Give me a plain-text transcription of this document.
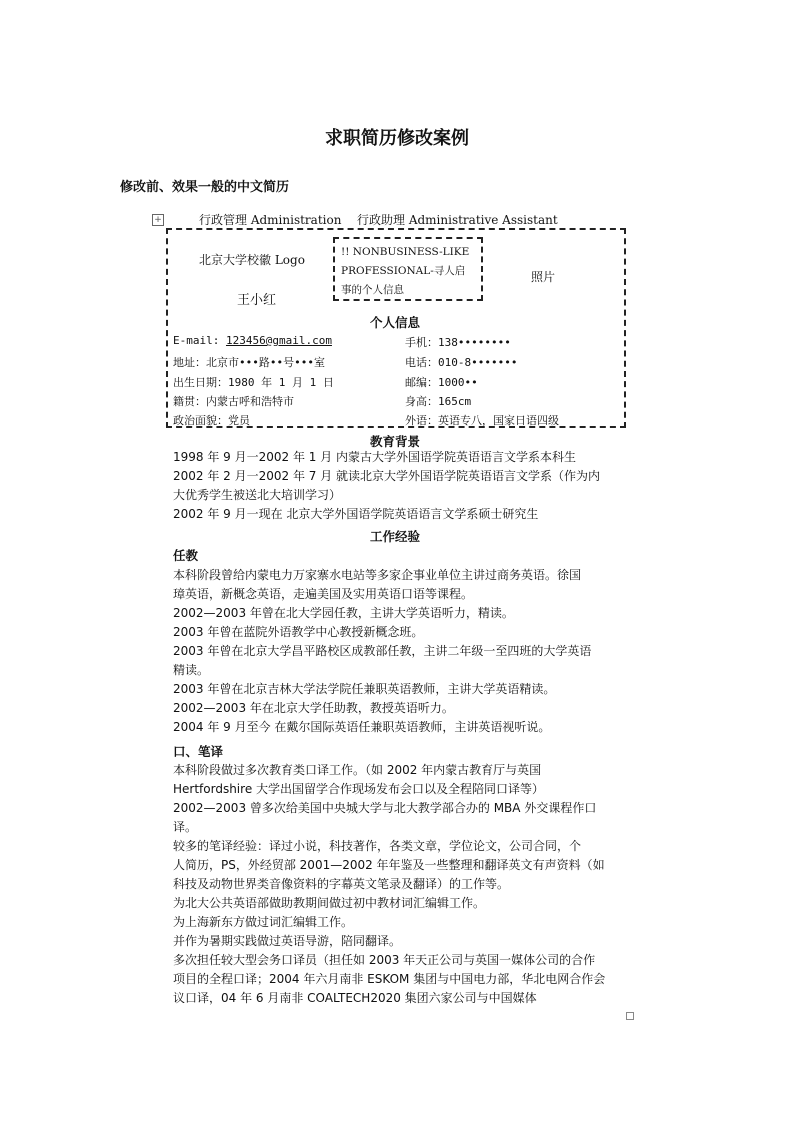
求职简历修改案例
修改前、效果一般的中文简历
+	行政管理 Administration 行政助理 Administrative Assistant
!! NONBUSINESS-LIKE PROFESSIONAL-寻人启事的个人信息
北京大学校徽 Logo
王小红
照片
个人信息
E-mail: 123456@gmail.com	手机：138••••••••
地址：北京市•••路••号•••室	电话：010-8•••••••
出生日期：1980 年 1 月 1 日	邮编：1000••
籍贯：内蒙古呼和浩特市	身高：165cm
政治面貌：党员	外语：英语专八，国家日语四级
教育背景
1998 年 9 月一2002 年 1 月 内蒙古大学外国语学院英语语言文学系本科生
2002 年 2 月一2002 年 7 月 就读北京大学外国语学院英语语言文学系（作为内
大优秀学生被送北大培训学习）
2002 年 9 月一现在 北京大学外国语学院英语语言文学系硕士研究生
工作经验
任教
本科阶段曾给内蒙电力万家寨水电站等多家企事业单位主讲过商务英语。徐国
璋英语，新概念英语，走遍美国及实用英语口语等课程。
2002—2003 年曾在北大学园任教，主讲大学英语听力，精读。
2003 年曾在蓝院外语教学中心教授新概念班。
2003 年曾在北京大学昌平路校区成教部任教，主讲二年级一至四班的大学英语
精读。
2003 年曾在北京吉林大学法学院任兼职英语教师，主讲大学英语精读。
2002—2003 年在北京大学任助教，教授英语听力。
2004 年 9 月至今 在戴尔国际英语任兼职英语教师，主讲英语视听说。
口、笔译
本科阶段做过多次教育类口译工作。（如 2002 年内蒙古教育厅与英国
Hertfordshire 大学出国留学合作现场发布会口以及全程陪同口译等）
2002—2003 曾多次给美国中央城大学与北大教学部合办的 MBA 外交课程作口
译。
较多的笔译经验：译过小说，科技著作，各类文章，学位论文，公司合同，个
人简历，PS，外经贸部 2001—2002 年年鉴及一些整理和翻译英文有声资料（如
科技及动物世界类音像资料的字幕英文笔录及翻译）的工作等。
为北大公共英语部做助教期间做过初中教材词汇编辑工作。
为上海新东方做过词汇编辑工作。
并作为暑期实践做过英语导游，陪同翻译。
多次担任较大型会务口译员（担任如 2003 年天正公司与英国一媒体公司的合作
项目的全程口译；2004 年六月南非 ESKOM 集团与中国电力部，华北电网合作会
议口译，04 年 6 月南非 COALTECH2020 集团六家公司与中国媒体
